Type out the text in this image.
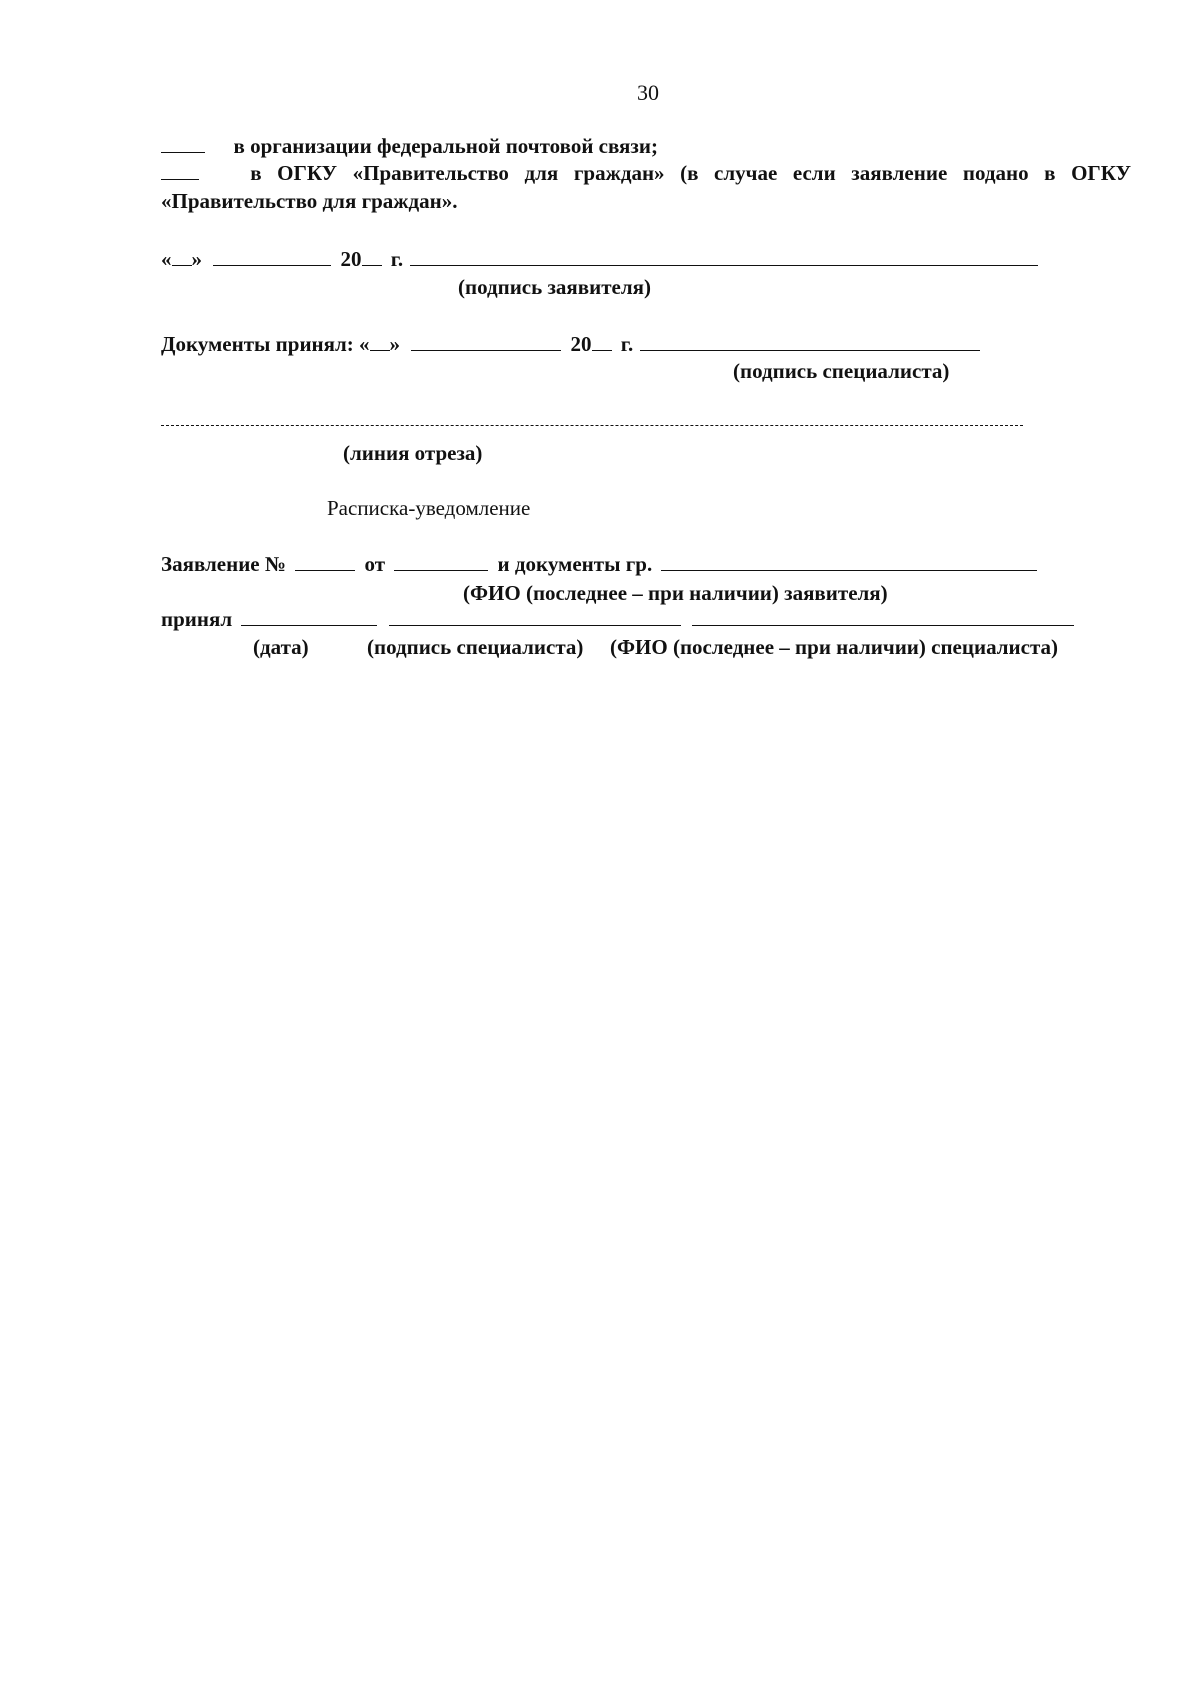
30
в организации федеральной почтовой связи;
в ОГКУ «Правительство для граждан» (в случае если заявление подано в ОГКУ
«Правительство для граждан».
« »	20 г.
(подпись заявителя)
Документы принял: « »	20 г.
(подпись специалиста)
(линия отреза)
Расписка-уведомление
Заявление №	от	и документы гр.
(ФИО (последнее – при наличии) заявителя)
принял
(дата)	(подпись специалиста) (ФИО (последнее – при наличии) специалиста)
